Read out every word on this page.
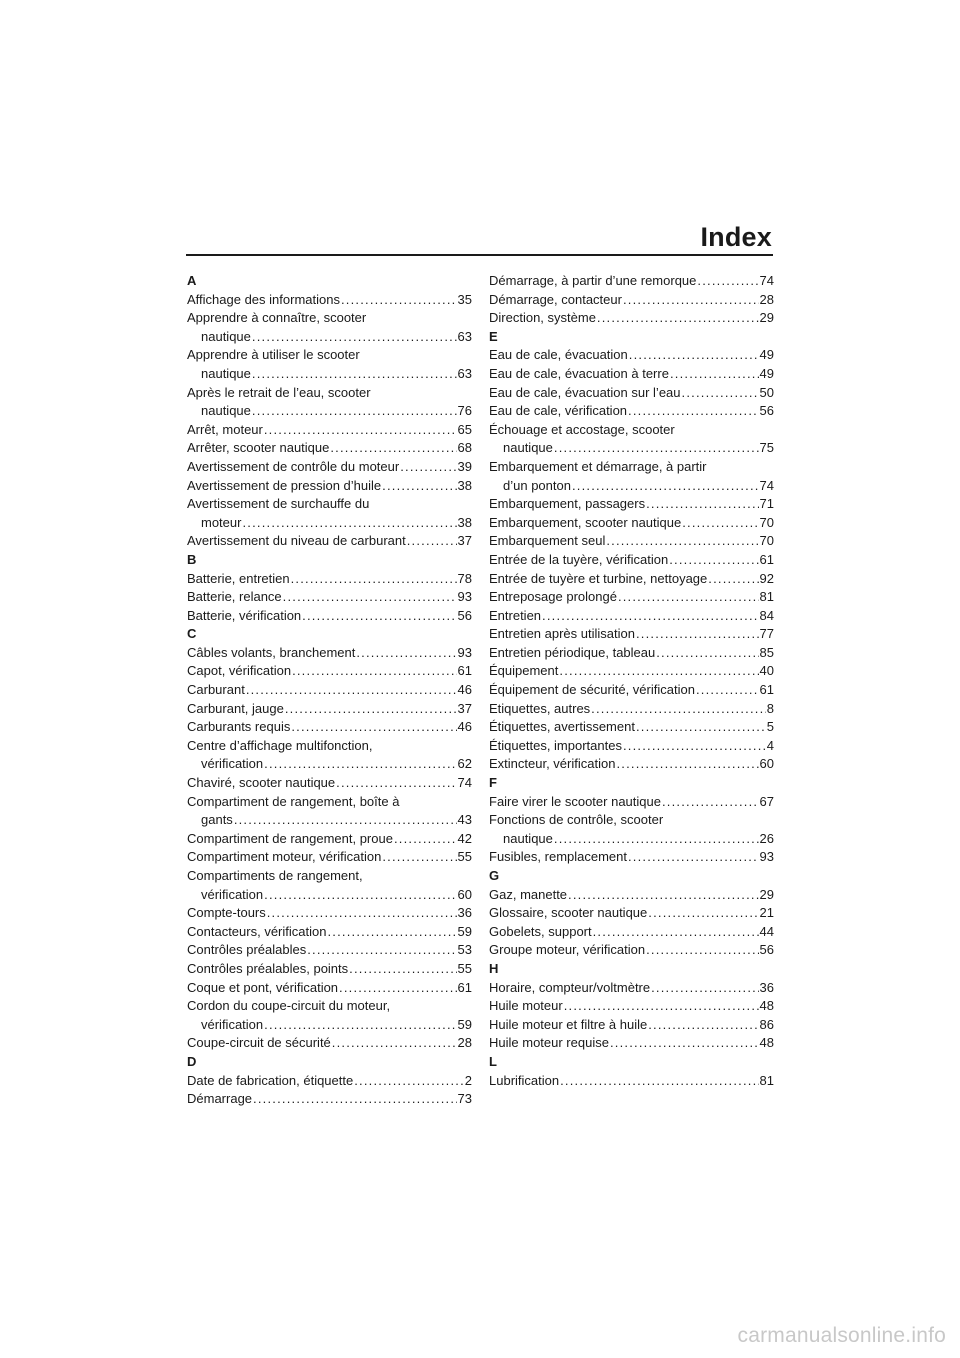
Index
A
Affichage des informations .....	35
Apprendre à connaître, scooter
nautique .....	63
Apprendre à utiliser le scooter
nautique .....	63
Après le retrait de l’eau, scooter
nautique .....	76
Arrêt, moteur .....	65
Arrêter, scooter nautique .....	68
Avertissement de contrôle du moteur .....	39
Avertissement de pression d’huile .....	38
Avertissement de surchauffe du
moteur .....	38
Avertissement du niveau de carburant .....	37
B
Batterie, entretien .....	78
Batterie, relance .....	93
Batterie, vérification .....	56
C
Câbles volants, branchement .....	93
Capot, vérification .....	61
Carburant .....	46
Carburant, jauge .....	37
Carburants requis .....	46
Centre d’affichage multifonction,
vérification .....	62
Chaviré, scooter nautique .....	74
Compartiment de rangement, boîte à
gants .....	43
Compartiment de rangement, proue .....	42
Compartiment moteur, vérification .....	55
Compartiments de rangement,
vérification .....	60
Compte-tours .....	36
Contacteurs, vérification .....	59
Contrôles préalables .....	53
Contrôles préalables, points .....	55
Coque et pont, vérification .....	61
Cordon du coupe-circuit du moteur,
vérification .....	59
Coupe-circuit de sécurité .....	28
D
Date de fabrication, étiquette .....	2
Démarrage .....	73
Démarrage, à partir d’une remorque .....	74
Démarrage, contacteur .....	28
Direction, système .....	29
E
Eau de cale, évacuation .....	49
Eau de cale, évacuation à terre .....	49
Eau de cale, évacuation sur l’eau .....	50
Eau de cale, vérification .....	56
Échouage et accostage, scooter
nautique .....	75
Embarquement et démarrage, à partir
d’un ponton .....	74
Embarquement, passagers .....	71
Embarquement, scooter nautique .....	70
Embarquement seul .....	70
Entrée de la tuyère, vérification .....	61
Entrée de tuyère et turbine, nettoyage .....	92
Entreposage prolongé .....	81
Entretien .....	84
Entretien après utilisation .....	77
Entretien périodique, tableau .....	85
Équipement .....	40
Équipement de sécurité, vérification .....	61
Etiquettes, autres .....	8
Étiquettes, avertissement .....	5
Étiquettes, importantes .....	4
Extincteur, vérification .....	60
F
Faire virer le scooter nautique .....	67
Fonctions de contrôle, scooter
nautique .....	26
Fusibles, remplacement .....	93
G
Gaz, manette .....	29
Glossaire, scooter nautique .....	21
Gobelets, support .....	44
Groupe moteur, vérification .....	56
H
Horaire, compteur/voltmètre .....	36
Huile moteur .....	48
Huile moteur et filtre à huile .....	86
Huile moteur requise .....	48
L
Lubrification .....	81
carmanualsonline.info
